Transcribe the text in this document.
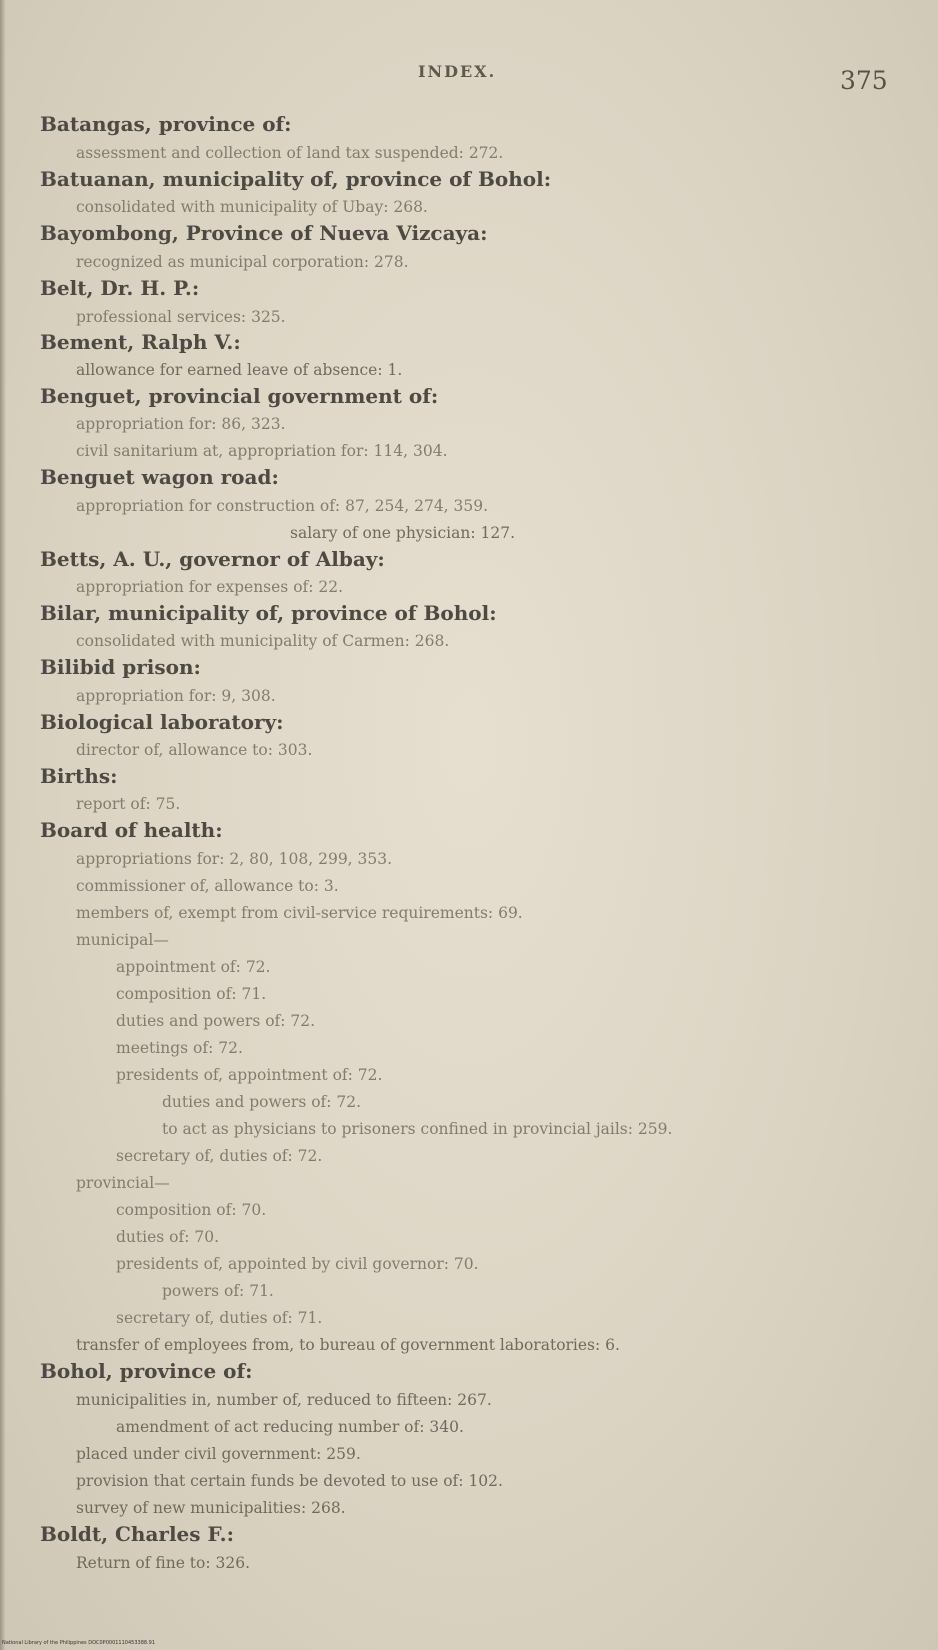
INDEX.	375
Batangas, province of:
assessment and collection of land tax suspended: 272.
Batuanan, municipality of, province of Bohol:
consolidated with municipality of Ubay: 268.
Bayombong, Province of Nueva Vizcaya:
recognized as municipal corporation: 278.
Belt, Dr. H. P.:
professional services: 325.
Bement, Ralph V.:
allowance for earned leave of absence: 1.
Benguet, provincial government of:
appropriation for: 86, 323.
civil sanitarium at, appropriation for: 114, 304.
Benguet wagon road:
appropriation for construction of: 87, 254, 274, 359.
salary of one physician: 127.
Betts, A. U., governor of Albay:
appropriation for expenses of: 22.
Bilar, municipality of, province of Bohol:
consolidated with municipality of Carmen: 268.
Bilibid prison:
appropriation for: 9, 308.
Biological laboratory:
director of, allowance to: 303.
Births:
report of: 75.
Board of health:
appropriations for: 2, 80, 108, 299, 353.
commissioner of, allowance to: 3.
members of, exempt from civil-service requirements: 69.
municipal—
appointment of: 72.
composition of: 71.
duties and powers of: 72.
meetings of: 72.
presidents of, appointment of: 72.
duties and powers of: 72.
to act as physicians to prisoners confined in provincial jails: 259.
secretary of, duties of: 72.
provincial—
composition of: 70.
duties of: 70.
presidents of, appointed by civil governor: 70.
powers of: 71.
secretary of, duties of: 71.
transfer of employees from, to bureau of government laboratories: 6.
Bohol, province of:
municipalities in, number of, reduced to fifteen: 267.
amendment of act reducing number of: 340.
placed under civil government: 259.
provision that certain funds be devoted to use of: 102.
survey of new municipalities: 268.
Boldt, Charles F.:
Return of fine to: 326.
National Library of the Philippines DOC0P0001110453388.91
